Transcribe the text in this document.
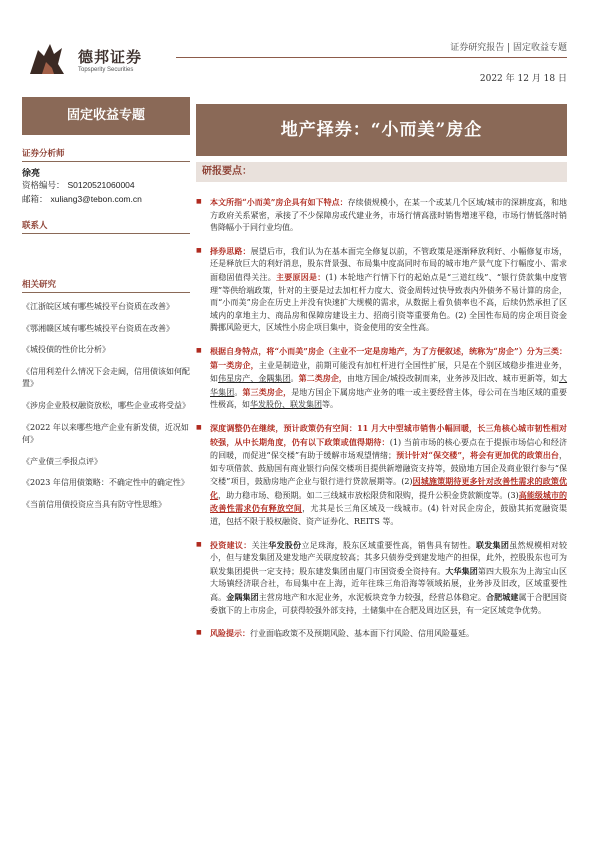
德邦证券
Topsperity Securities
证券研究报告 | 固定收益专题
2022 年 12 月 18 日
固定收益专题
证券分析师
徐亮
资格编号： S0120521060004
邮箱： xuliang3@tebon.com.cn
联系人
相关研究
《江浙皖区域有哪些城投平台资质在改善》
《鄂湘赣区域有哪些城投平台资质在改善》
《城投债的性价比分析》
《信用利差什么情况下会走阔，信用债该如何配置》
《涉房企业股权融资放松，哪些企业或将受益》
《2022 年以来哪些地产企业有新发债，近况如何》
《产业债三季报点评》
《2023 年信用债策略：不确定性中的确定性》
《当前信用债投资应当具有防守性思维》
地产择券：“小而美”房企
研报要点：
■ 本文所指“小而美”房企具有如下特点：存续债规模小，在某一个或某几个区域/城市的深耕度高，和地方政府关系紧密，承接了不少保障房或代建业务，市场行情高涨时销售增速平稳，市场行情低落时销售降幅小于同行业均值。
■ 择券思路：展望后市，我们认为在基本面完全修复以前，不管政策是逐渐释放利好、小幅修复市场，还是释放巨大的利好消息，股东背景强、布局集中度高同时布局的城市地产景气度下行幅度小、需求面稳固值得关注。主要原因是：(1) 本轮地产行情下行的起始点是“三道红线”、“银行贷款集中度管理”等供给端政策，针对的主要是过去加杠杆力度大、资金周转过快导致表内外债务不易计算的房企，而“小而美”房企在历史上并没有快速扩大规模的需求，从数据上看负债率也不高，后续仍然承担了区域内的拿地主力、商品房和保障房建设主力、招商引资等重要角色。(2) 全国性布局的房企项目资金腾挪风险更大，区域性小房企项目集中，资金使用的安全性高。
■ 根据自身特点，将“小而美”房企（主业不一定是房地产，为了方便叙述，统称为“房企”）分为三类：第一类房企，主业是制造业，前期可能没有加杠杆进行全国性扩展，只是在个别区域稳步推进业务，如伟星房产、金隅集团。第二类房企，由地方国企/城投改制而来，业务涉及旧改、城市更新等，如大华集团。第三类房企，是地方国企下属房地产业务的唯一或主要经营主体，母公司在当地区域的重要性极高，如华发股份、联发集团等。
■ 深度调整仍在继续，预计政策仍有空间：11 月大中型城市销售小幅回暖，长三角核心城市韧性相对较强，从中长期角度，仍有以下政策或值得期待：(1) 当前市场的核心要点在于提振市场信心和经济的回暖，而促进“保交楼”有助于缓解市场观望情绪；预计针对“保交楼”，将会有更加优的政策出台，如专项借款、鼓励国有商业银行向保交楼项目提供新增融资支持等，鼓励地方国企及商业银行参与“保交楼”项目，鼓励房地产企业与银行进行贷款展期等。(2)因城施策期待更多针对改善性需求的政策优化，助力稳市场、稳预期。如二三线城市放松限贷和限购，提升公积金贷款额度等。(3)高能级城市的改善性需求仍有释放空间，尤其是长三角区域及一线城市。(4) 针对民企房企，鼓励其拓宽融资渠道，包括不限于股权融资、资产证券化、REITS 等。
■ 投资建议：关注华发股份立足珠海，股东区域重要性高，销售具有韧性。联发集团虽然规模相对较小，但与建发集团及建发地产关联度较高；其多只债券受到建发地产的担保，此外，控股股东也可为联发集团提供一定支持；股东建发集团由厦门市国资委全资持有。大华集团第四大股东为上海宝山区大场镇经济联合社，布局集中在上海，近年往珠三角沿海等领域拓展，业务涉及旧改，区域重要性高。金隅集团主营房地产和水泥业务，水泥板块竞争力较强，经营总体稳定。合肥城建属于合肥国资委旗下的上市房企，可获得较强外部支持，土储集中在合肥及周边区县，有一定区域竞争优势。
■ 风险提示：行业面临政策不及预期风险、基本面下行风险、信用风险蔓延。
